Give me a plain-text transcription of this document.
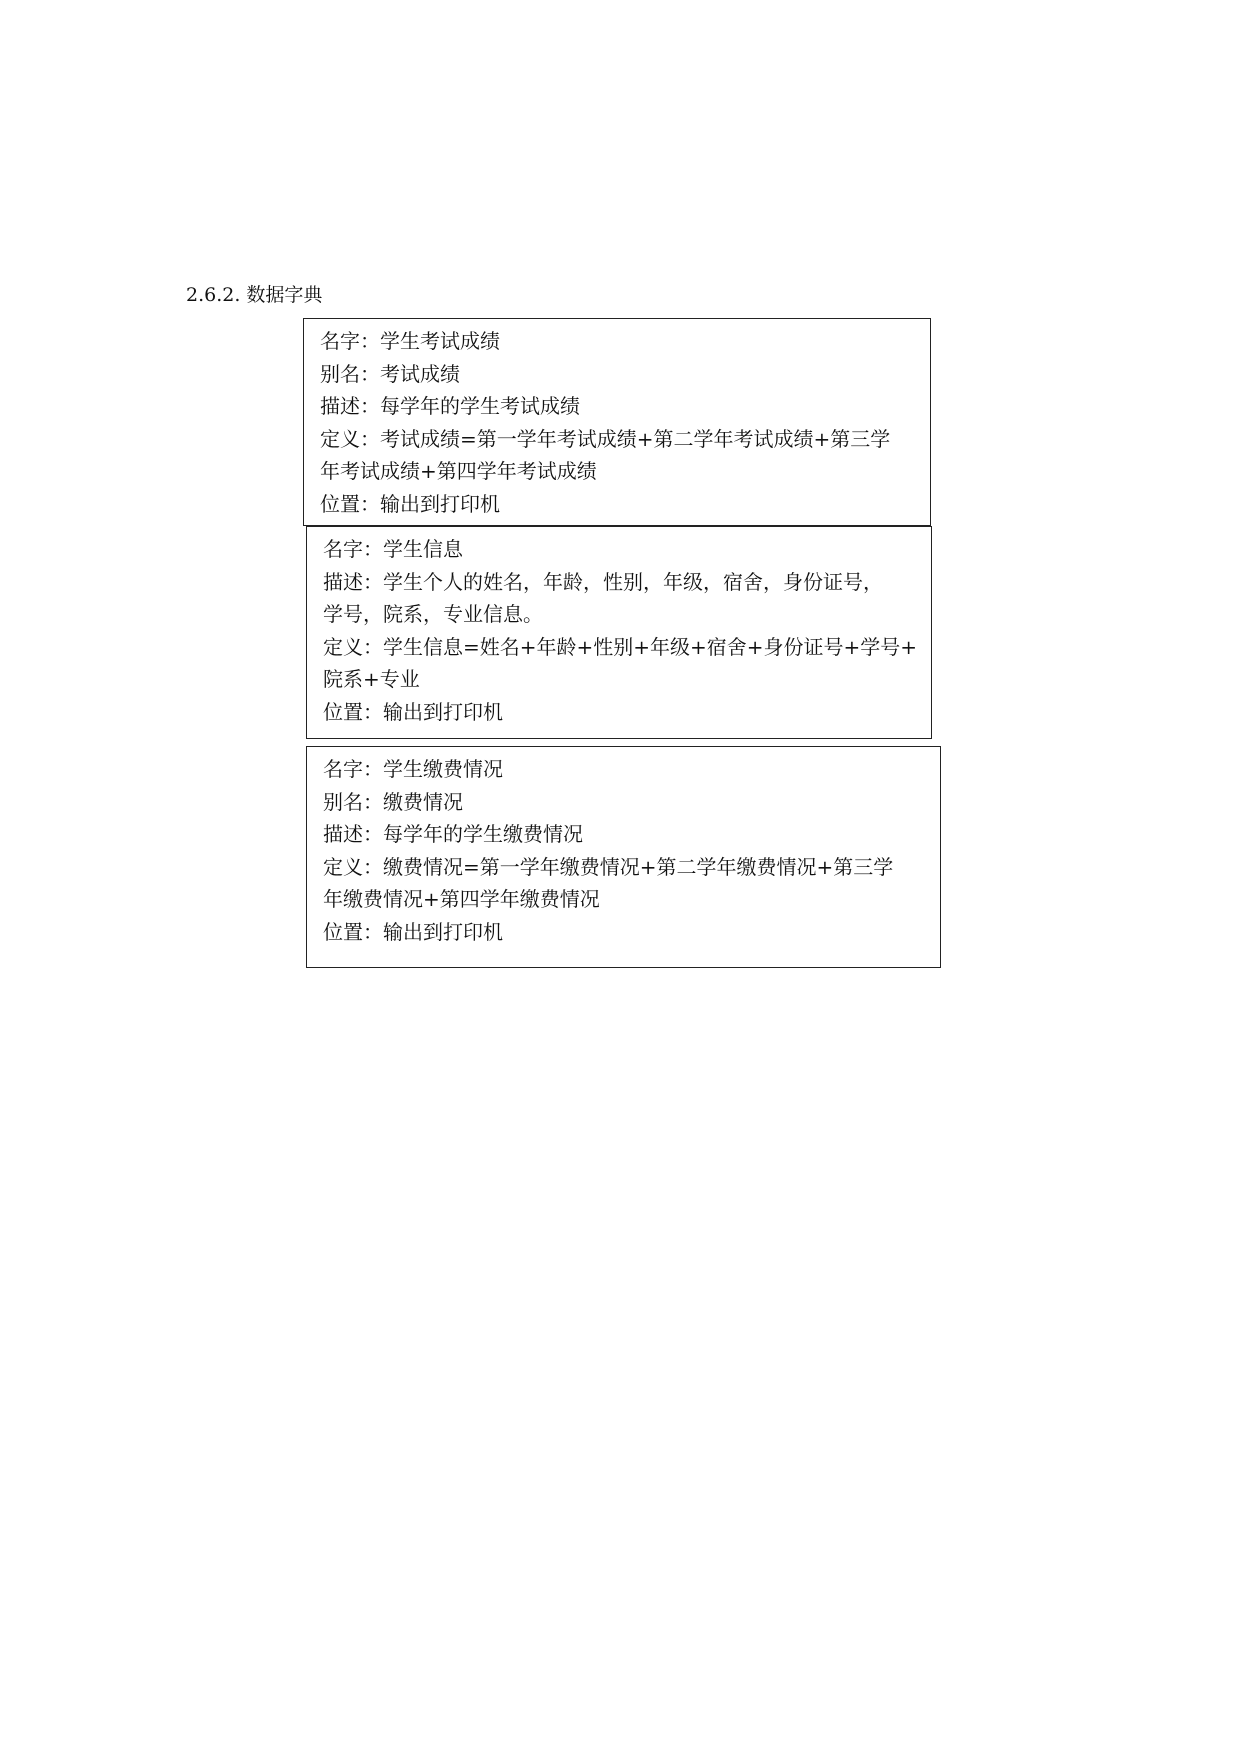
2.6.2. 数据字典
名字：学生考试成绩
别名：考试成绩
描述：每学年的学生考试成绩
定义：考试成绩=第一学年考试成绩+第二学年考试成绩+第三学
年考试成绩+第四学年考试成绩
位置：输出到打印机
名字：学生信息
描述：学生个人的姓名，年龄，性别，年级，宿舍，身份证号，
学号，院系，专业信息。
定义：学生信息=姓名+年龄+性别+年级+宿舍+身份证号+学号+
院系+专业
位置：输出到打印机
名字：学生缴费情况
别名：缴费情况
描述：每学年的学生缴费情况
定义：缴费情况=第一学年缴费情况+第二学年缴费情况+第三学
年缴费情况+第四学年缴费情况
位置：输出到打印机
